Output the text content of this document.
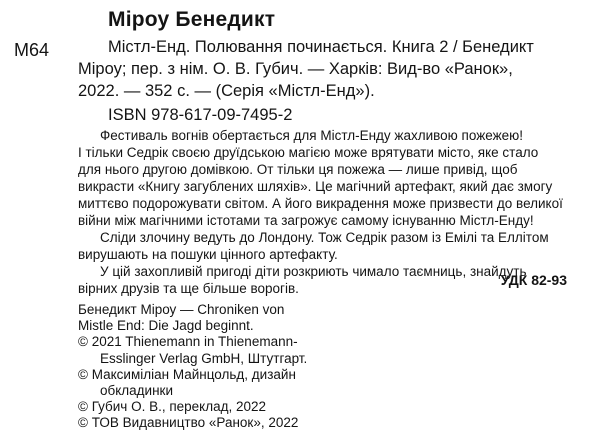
Міроу Бенедикт
М64	Містл-Енд. Полювання починається. Книга 2 / Бенедикт
Міроу; пер. з нім. О. В. Губич. — Харків: Вид-во «Ранок»,
2022. — 352 с. — (Серія «Містл-Енд»).
ISBN 978-617-09-7495-2
Фестиваль вогнів обертається для Містл-Енду жахливою пожежею!
І тільки Седрік своєю друїдською магією може врятувати місто, яке стало
для нього другою домівкою. От тільки ця пожежа — лише привід, щоб
викрасти «Книгу загублених шляхів». Це магічний артефакт, який дає змогу
миттєво подорожувати світом. А його викрадення може призвести до великої
війни між магічними істотами та загрожує самому існуванню Містл-Енду!
Сліди злочину ведуть до Лондону. Тож Седрік разом із Емілі та Еллітом
вирушають на пошуки цінного артефакту.
У цій захопливій пригоді діти розкриють чимало таємниць, знайдуть
вірних друзів та ще більше ворогів.
УДК 82-93
Бенедикт Міроу — Chroniken von
Mistle End: Die Jagd beginnt.
© 2021 Thienemann in Thienemann-
Esslinger Verlag GmbH, Штутгарт.
© Максиміліан Майнцольд, дизайн
обкладинки
© Губич О. В., переклад, 2022
© ТОВ Видавництво «Ранок», 2022
